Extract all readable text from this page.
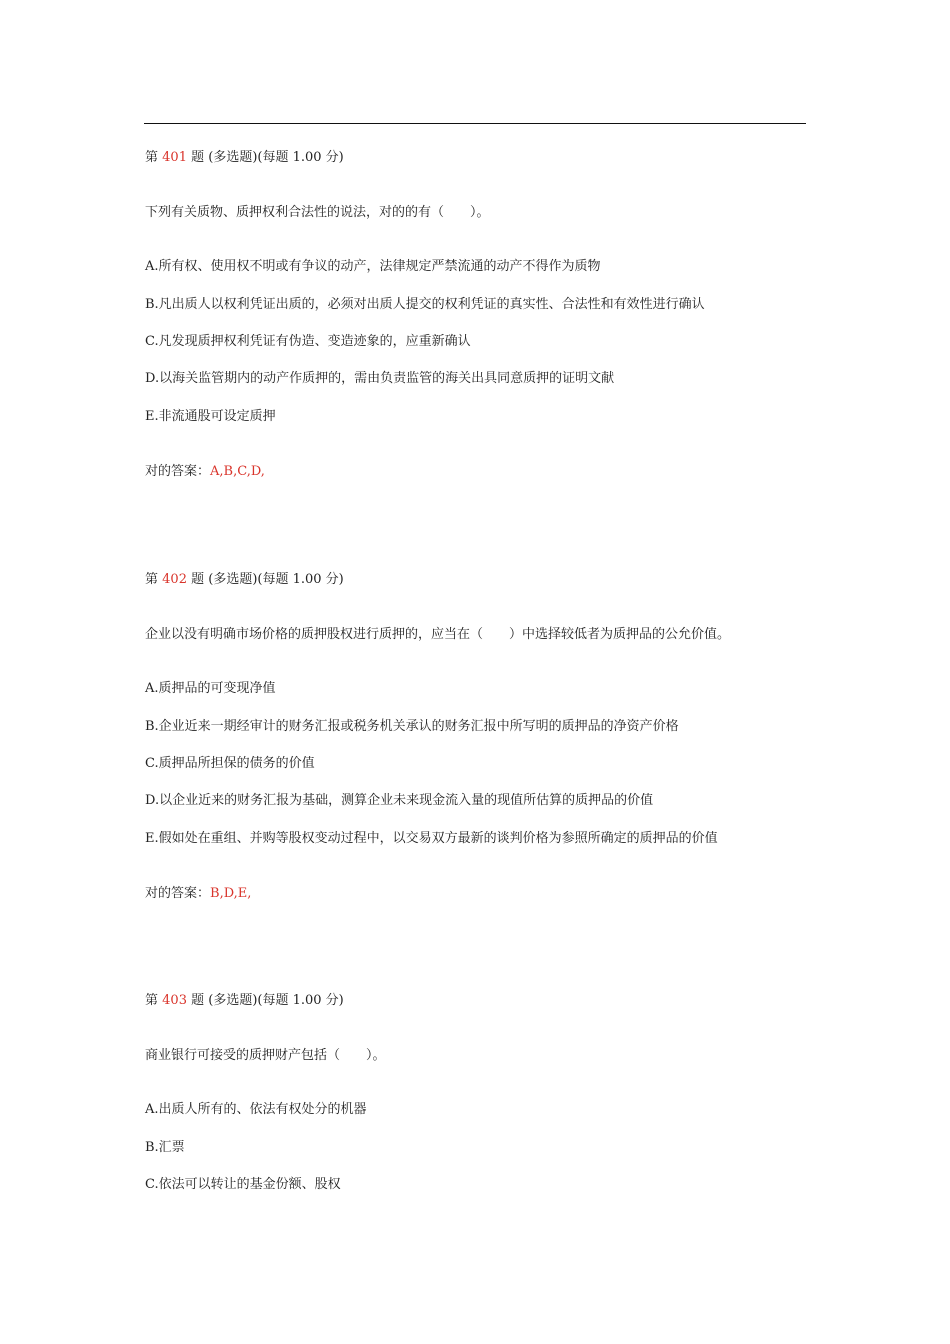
第 401 题 (多选题)(每题 1.00 分)
下列有关质物、质押权利合法性的说法，对的的有（　　）。
A.所有权、使用权不明或有争议的动产，法律规定严禁流通的动产不得作为质物
B.凡出质人以权利凭证出质的，必须对出质人提交的权利凭证的真实性、合法性和有效性进行确认
C.凡发现质押权利凭证有伪造、变造迹象的，应重新确认
D.以海关监管期内的动产作质押的，需由负责监管的海关出具同意质押的证明文献
E.非流通股可设定质押
对的答案：A,B,C,D,
第 402 题 (多选题)(每题 1.00 分)
企业以没有明确市场价格的质押股权进行质押的，应当在（　　）中选择较低者为质押品的公允价值。
A.质押品的可变现净值
B.企业近来一期经审计的财务汇报或税务机关承认的财务汇报中所写明的质押品的净资产价格
C.质押品所担保的债务的价值
D.以企业近来的财务汇报为基础，测算企业未来现金流入量的现值所估算的质押品的价值
E.假如处在重组、并购等股权变动过程中，以交易双方最新的谈判价格为参照所确定的质押品的价值
对的答案：B,D,E,
第 403 题 (多选题)(每题 1.00 分)
商业银行可接受的质押财产包括（　　）。
A.出质人所有的、依法有权处分的机器
B.汇票
C.依法可以转让的基金份额、股权
